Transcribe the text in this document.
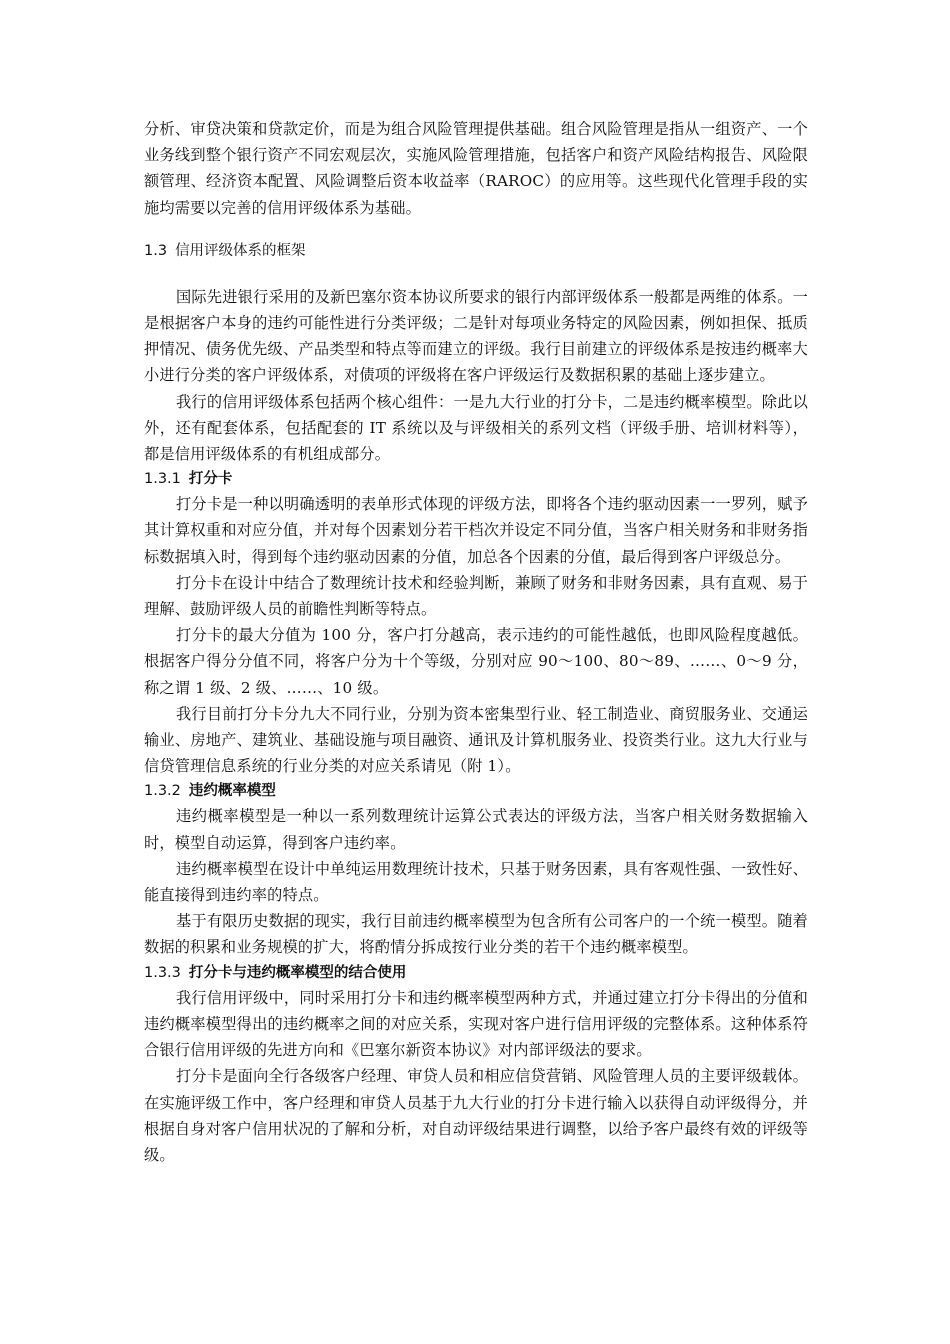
分析、审贷决策和贷款定价，而是为组合风险管理提供基础。组合风险管理是指从一组资产、一个业务线到整个银行资产不同宏观层次，实施风险管理措施，包括客户和资产风险结构报告、风险限额管理、经济资本配置、风险调整后资本收益率（RAROC）的应用等。这些现代化管理手段的实施均需要以完善的信用评级体系为基础。

1.3 信用评级体系的框架

国际先进银行采用的及新巴塞尔资本协议所要求的银行内部评级体系一般都是两维的体系。一是根据客户本身的违约可能性进行分类评级；二是针对每项业务特定的风险因素，例如担保、抵质押情况、债务优先级、产品类型和特点等而建立的评级。我行目前建立的评级体系是按违约概率大小进行分类的客户评级体系，对债项的评级将在客户评级运行及数据积累的基础上逐步建立。

我行的信用评级体系包括两个核心组件：一是九大行业的打分卡，二是违约概率模型。除此以外，还有配套体系，包括配套的 IT 系统以及与评级相关的系列文档（评级手册、培训材料等），都是信用评级体系的有机组成部分。

1.3.1 打分卡

打分卡是一种以明确透明的表单形式体现的评级方法，即将各个违约驱动因素一一罗列，赋予其计算权重和对应分值，并对每个因素划分若干档次并设定不同分值，当客户相关财务和非财务指标数据填入时，得到每个违约驱动因素的分值，加总各个因素的分值，最后得到客户评级总分。

打分卡在设计中结合了数理统计技术和经验判断，兼顾了财务和非财务因素，具有直观、易于理解、鼓励评级人员的前瞻性判断等特点。

打分卡的最大分值为 100 分，客户打分越高，表示违约的可能性越低，也即风险程度越低。根据客户得分分值不同，将客户分为十个等级，分别对应 90～100、80～89、……、0～9 分，称之谓 1 级、2 级、……、10 级。

我行目前打分卡分九大不同行业，分别为资本密集型行业、轻工制造业、商贸服务业、交通运输业、房地产、建筑业、基础设施与项目融资、通讯及计算机服务业、投资类行业。这九大行业与信贷管理信息系统的行业分类的对应关系请见（附 1）。

1.3.2 违约概率模型

违约概率模型是一种以一系列数理统计运算公式表达的评级方法，当客户相关财务数据输入时，模型自动运算，得到客户违约率。

违约概率模型在设计中单纯运用数理统计技术，只基于财务因素，具有客观性强、一致性好、能直接得到违约率的特点。

基于有限历史数据的现实，我行目前违约概率模型为包含所有公司客户的一个统一模型。随着数据的积累和业务规模的扩大，将酌情分拆成按行业分类的若干个违约概率模型。

1.3.3 打分卡与违约概率模型的结合使用

我行信用评级中，同时采用打分卡和违约概率模型两种方式，并通过建立打分卡得出的分值和违约概率模型得出的违约概率之间的对应关系，实现对客户进行信用评级的完整体系。这种体系符合银行信用评级的先进方向和《巴塞尔新资本协议》对内部评级法的要求。

打分卡是面向全行各级客户经理、审贷人员和相应信贷营销、风险管理人员的主要评级载体。在实施评级工作中，客户经理和审贷人员基于九大行业的打分卡进行输入以获得自动评级得分，并根据自身对客户信用状况的了解和分析，对自动评级结果进行调整，以给予客户最终有效的评级等级。
